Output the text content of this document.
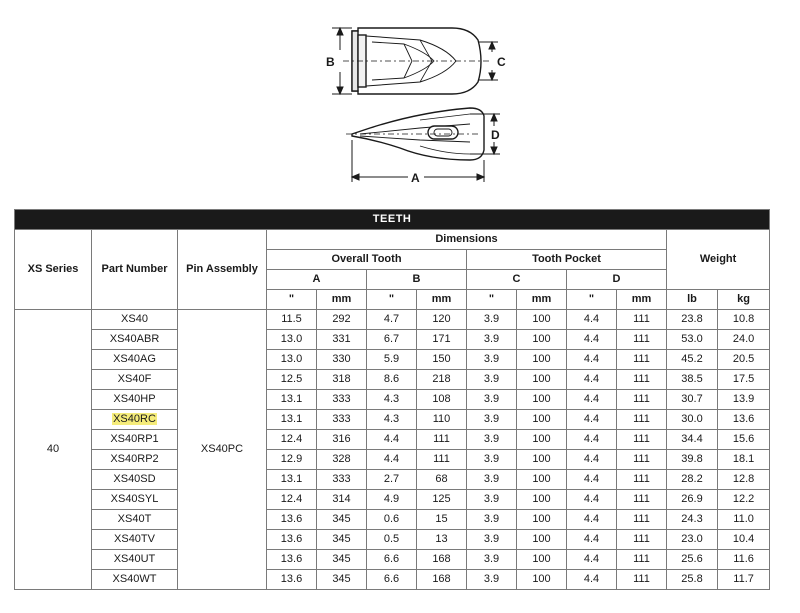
B	C
D
A
TEETH												
XS Series	Part Number	Pin Assembly	Dimensions								Weight	
			Overall Tooth				Tooth Pocket					
			A		B		C		D			
			"	mm	"	mm	"	mm	"	mm	lb	kg
40	XS40	XS40PC	11.5	292	4.7	120	3.9	100	4.4	111	23.8	10.8
	XS40ABR		13.0	331	6.7	171	3.9	100	4.4	111	53.0	24.0
	XS40AG		13.0	330	5.9	150	3.9	100	4.4	111	45.2	20.5
	XS40F		12.5	318	8.6	218	3.9	100	4.4	111	38.5	17.5
	XS40HP		13.1	333	4.3	108	3.9	100	4.4	111	30.7	13.9
	XS40RC		13.1	333	4.3	110	3.9	100	4.4	111	30.0	13.6
	XS40RP1		12.4	316	4.4	111	3.9	100	4.4	111	34.4	15.6
	XS40RP2		12.9	328	4.4	111	3.9	100	4.4	111	39.8	18.1
	XS40SD		13.1	333	2.7	68	3.9	100	4.4	111	28.2	12.8
	XS40SYL		12.4	314	4.9	125	3.9	100	4.4	111	26.9	12.2
	XS40T		13.6	345	0.6	15	3.9	100	4.4	111	24.3	11.0
	XS40TV		13.6	345	0.5	13	3.9	100	4.4	111	23.0	10.4
	XS40UT		13.6	345	6.6	168	3.9	100	4.4	111	25.6	11.6
	XS40WT		13.6	345	6.6	168	3.9	100	4.4	111	25.8	11.7
